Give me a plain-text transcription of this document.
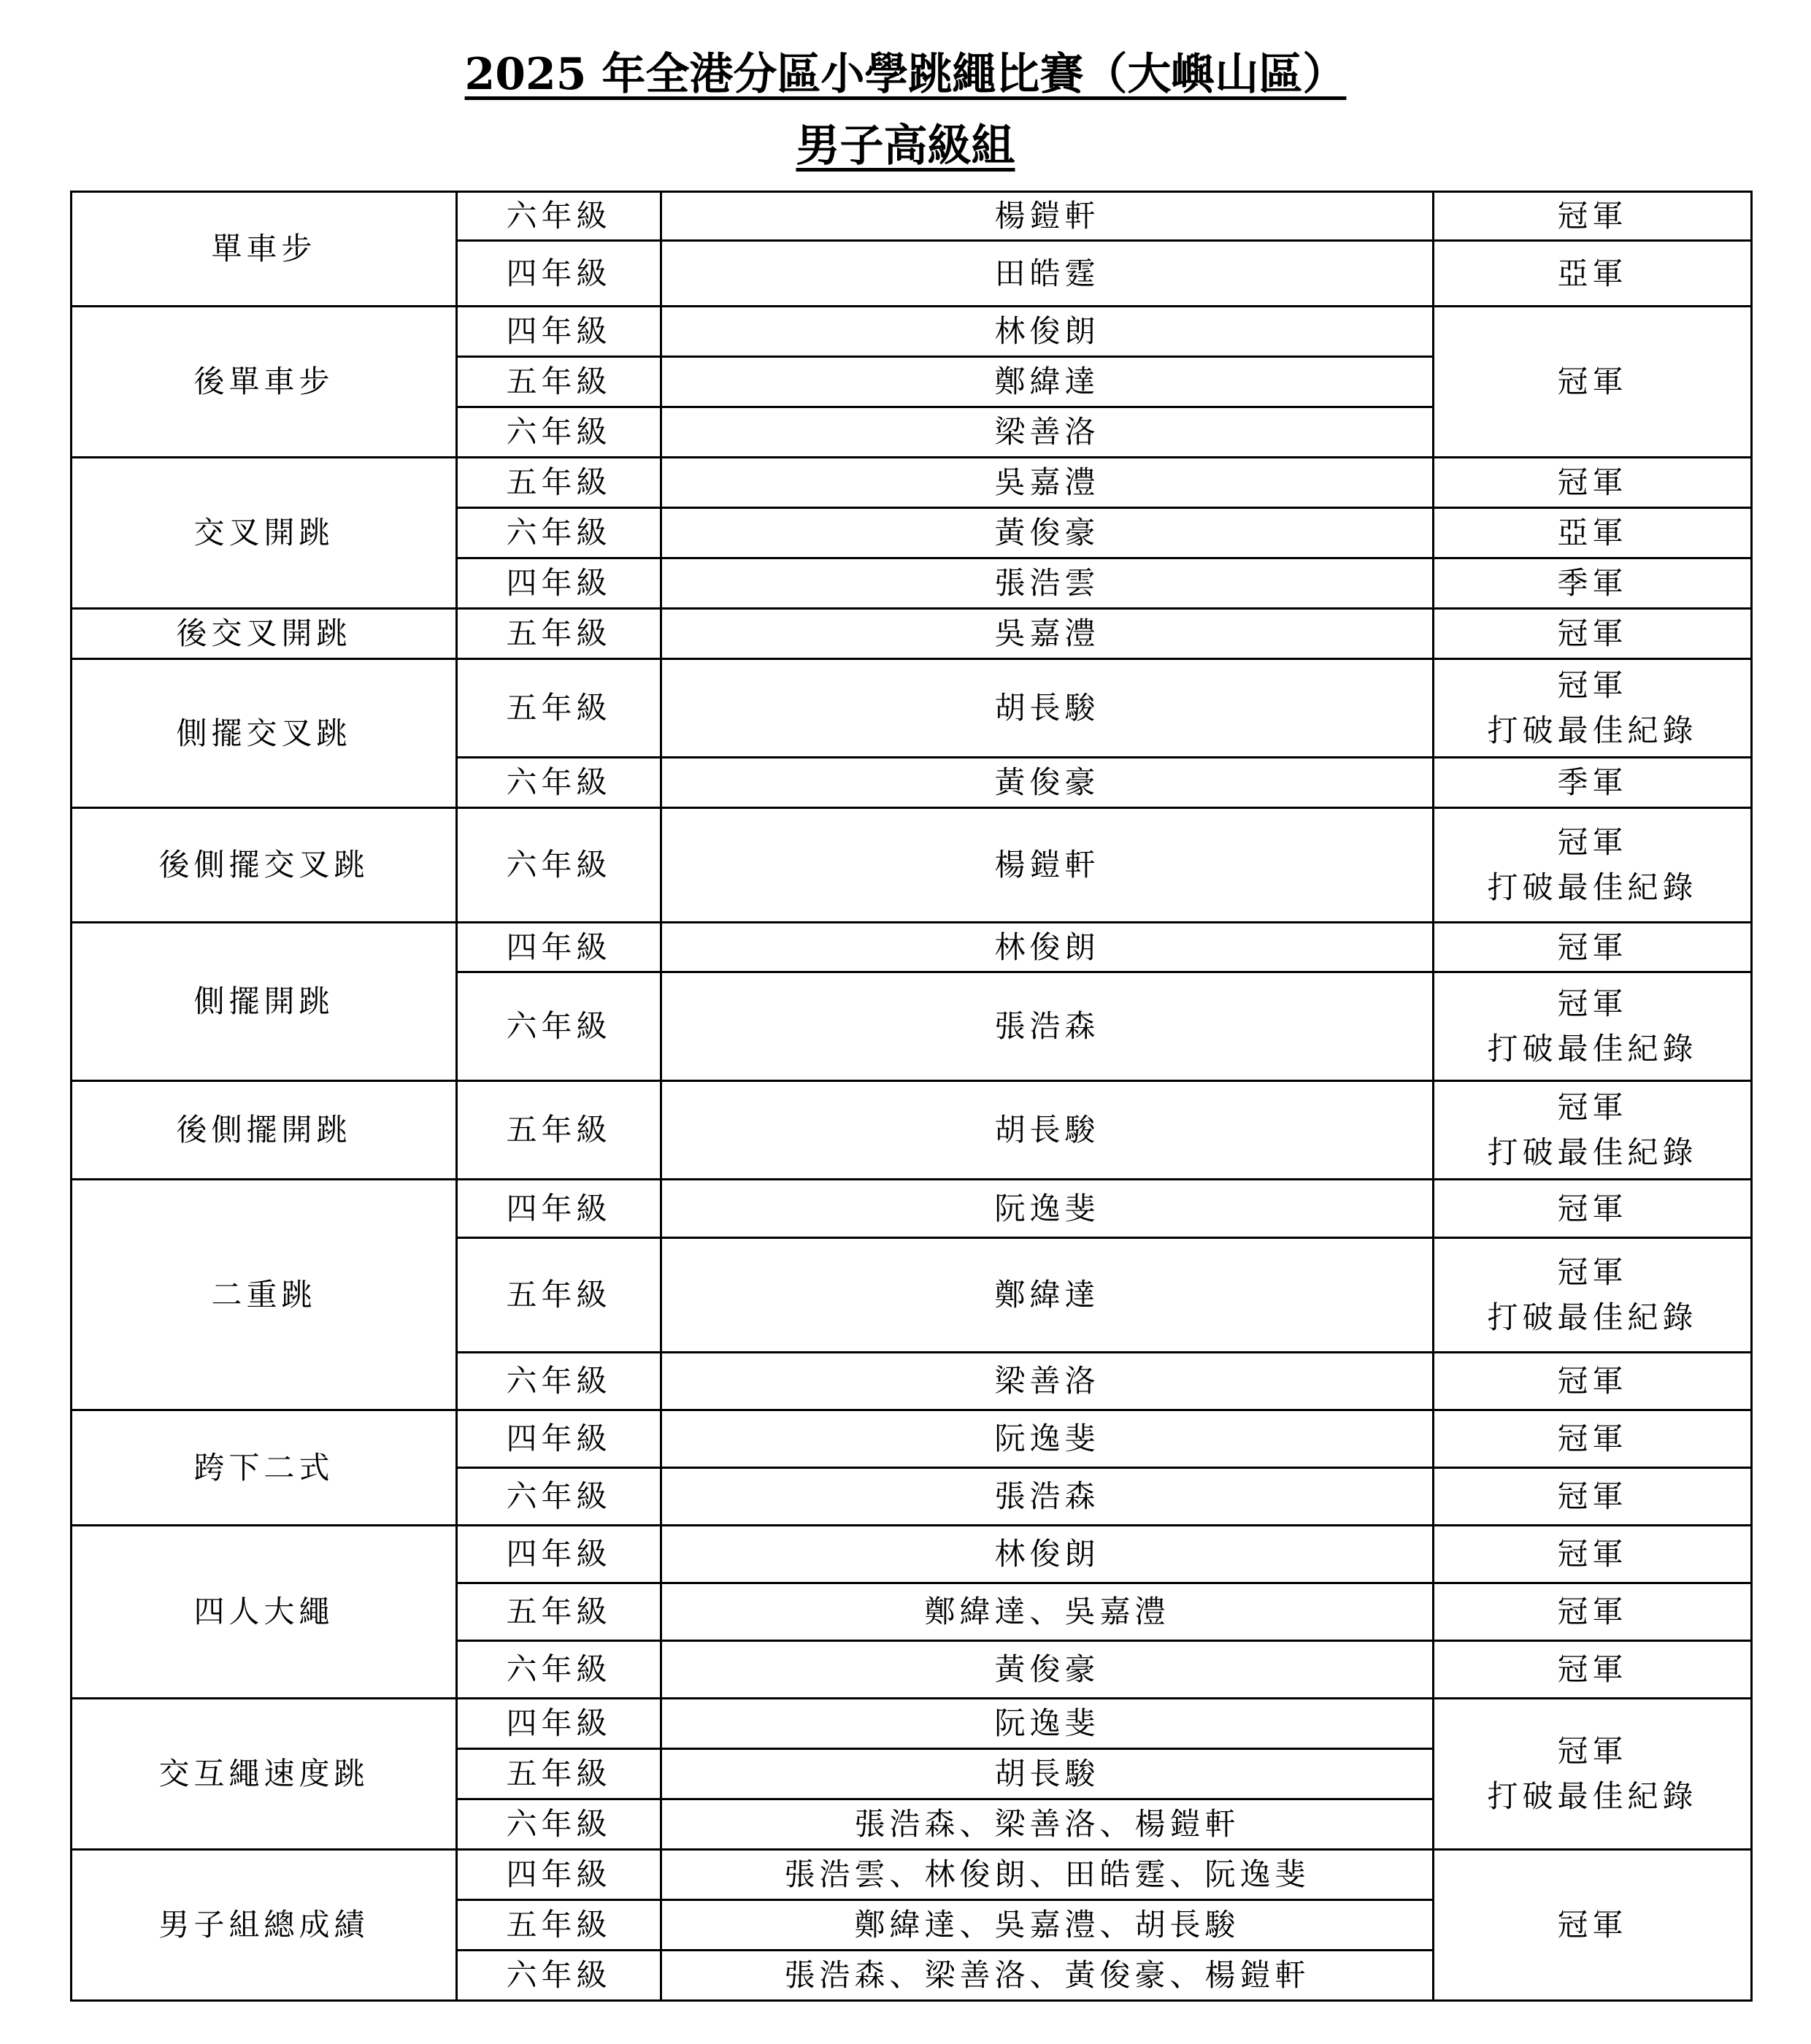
2025 年全港分區小學跳繩比賽（大嶼山區）
男子高級組
單車步	六年級	楊鎧軒	冠軍

	四年級	田皓霆	亞軍

後單車步	四年級	林俊朗	冠軍

	五年級	鄭緯達	
	六年級	梁善洛	
交叉開跳	五年級	吳嘉澧	冠軍

	六年級	黃俊豪	亞軍

	四年級	張浩雲	季軍

後交叉開跳	五年級	吳嘉澧	冠軍

側擺交叉跳	五年級	胡長駿	冠軍
打破最佳紀錄

	六年級	黃俊豪	季軍

後側擺交叉跳	六年級	楊鎧軒	冠軍
打破最佳紀錄

側擺開跳	四年級	林俊朗	冠軍

	六年級	張浩森	冠軍
打破最佳紀錄

後側擺開跳	五年級	胡長駿	冠軍
打破最佳紀錄

二重跳	四年級	阮逸斐	冠軍

	五年級	鄭緯達	冠軍
打破最佳紀錄

	六年級	梁善洛	冠軍

跨下二式	四年級	阮逸斐	冠軍

	六年級	張浩森	冠軍

四人大繩	四年級	林俊朗	冠軍

	五年級	鄭緯達、吳嘉澧	冠軍

	六年級	黃俊豪	冠軍

交互繩速度跳	四年級	阮逸斐	冠軍
打破最佳紀錄

	五年級	胡長駿	
	六年級	張浩森、梁善洛、楊鎧軒	
男子組總成績	四年級	張浩雲、林俊朗、田皓霆、阮逸斐	冠軍

	五年級	鄭緯達、吳嘉澧、胡長駿	
	六年級	張浩森、梁善洛、黃俊豪、楊鎧軒	
